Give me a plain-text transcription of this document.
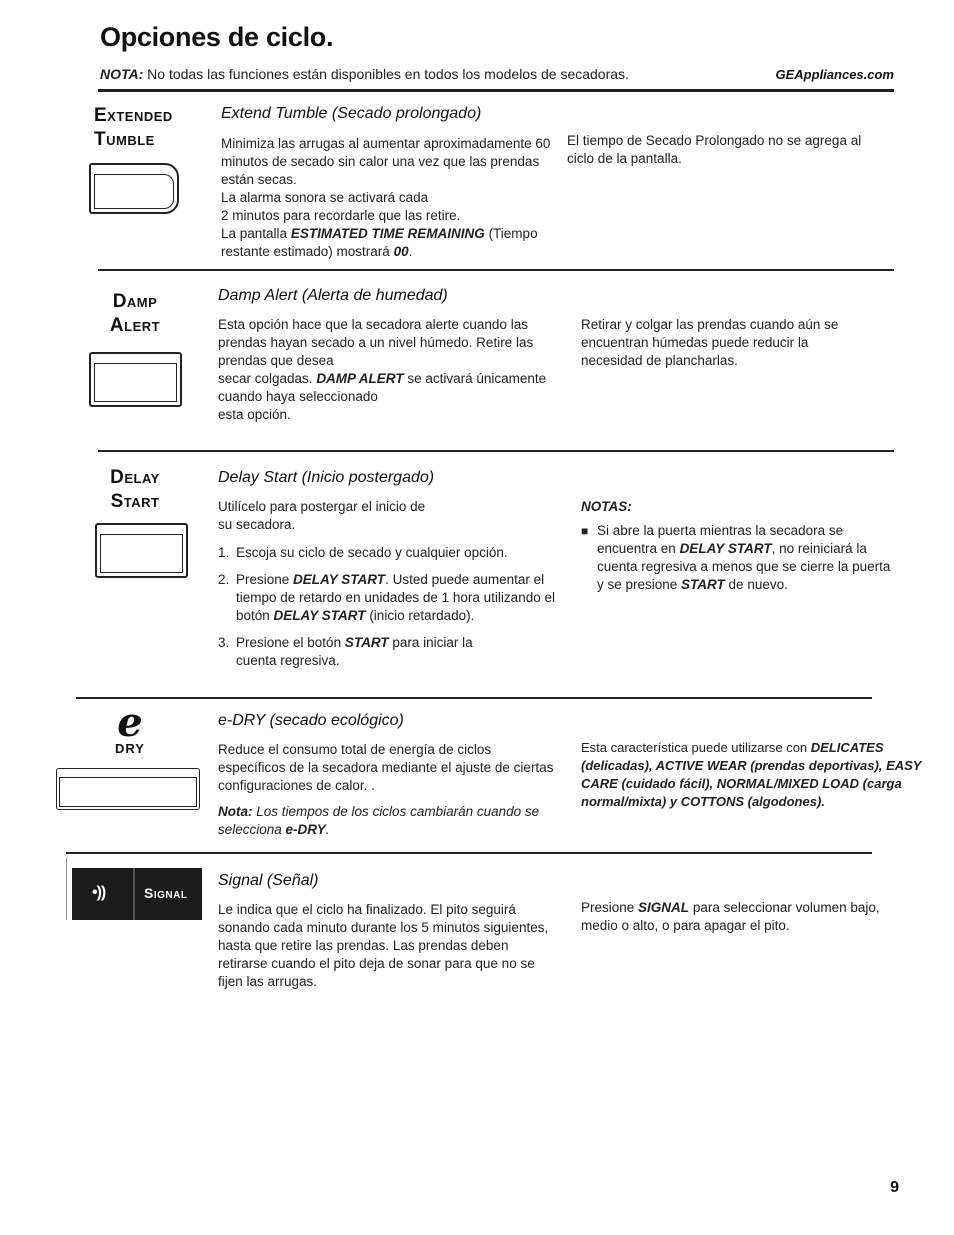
Opciones de ciclo.
NOTA: No todas las funciones están disponibles en todos los modelos de secadoras.	GEAppliances.com
Extended
Tumble
Extend Tumble (Secado prolongado)
Minimiza las arrugas al aumentar aproximadamente 60 minutos de secado sin calor una vez que las prendas están secas.
La alarma sonora se activará cada
2 minutos para recordarle que las retire.
La pantalla ESTIMATED TIME REMAINING (Tiempo restante estimado) mostrará 00.
El tiempo de Secado Prolongado no se agrega al ciclo de la pantalla.
Damp
Alert
Damp Alert (Alerta de humedad)
Esta opción hace que la secadora alerte cuando las prendas hayan secado a un nivel húmedo. Retire las prendas que desea
secar colgadas. DAMP ALERT se activará únicamente cuando haya seleccionado
esta opción.
Retirar y colgar las prendas cuando aún se encuentran húmedas puede reducir la necesidad de plancharlas.
Delay
Start
Delay Start (Inicio postergado)
Utilícelo para postergar el inicio de su secadora.
1. Escoja su ciclo de secado y cualquier opción.
2. Presione DELAY START. Usted puede aumentar el tiempo de retardo en unidades de 1 hora utilizando el botón DELAY START (inicio retardado).
3. Presione el botón START para iniciar la cuenta regresiva.
NOTAS:
■ Si abre la puerta mientras la secadora se encuentra en DELAY START, no reiniciará la cuenta regresiva a menos que se cierre la puerta y se presione START de nuevo.
e
DRY
e-DRY (secado ecológico)
Reduce el consumo total de energía de ciclos específicos de la secadora mediante el ajuste de ciertas configuraciones de calor. .
Nota: Los tiempos de los ciclos cambiarán cuando se selecciona e-DRY.
Esta característica puede utilizarse con DELICATES (delicadas), ACTIVE WEAR (prendas deportivas), EASY CARE (cuidado fácil), NORMAL/MIXED LOAD (carga normal/mixta) y COTTONS (algodones).
•))	Signal
Signal (Señal)
Le indica que el ciclo ha finalizado. El pito seguirá sonando cada minuto durante los 5 minutos siguientes, hasta que retire las prendas. Las prendas deben retirarse cuando el pito deja de sonar para que no se fijen las arrugas.
Presione SIGNAL para seleccionar volumen bajo, medio o alto, o para apagar el pito.
9
